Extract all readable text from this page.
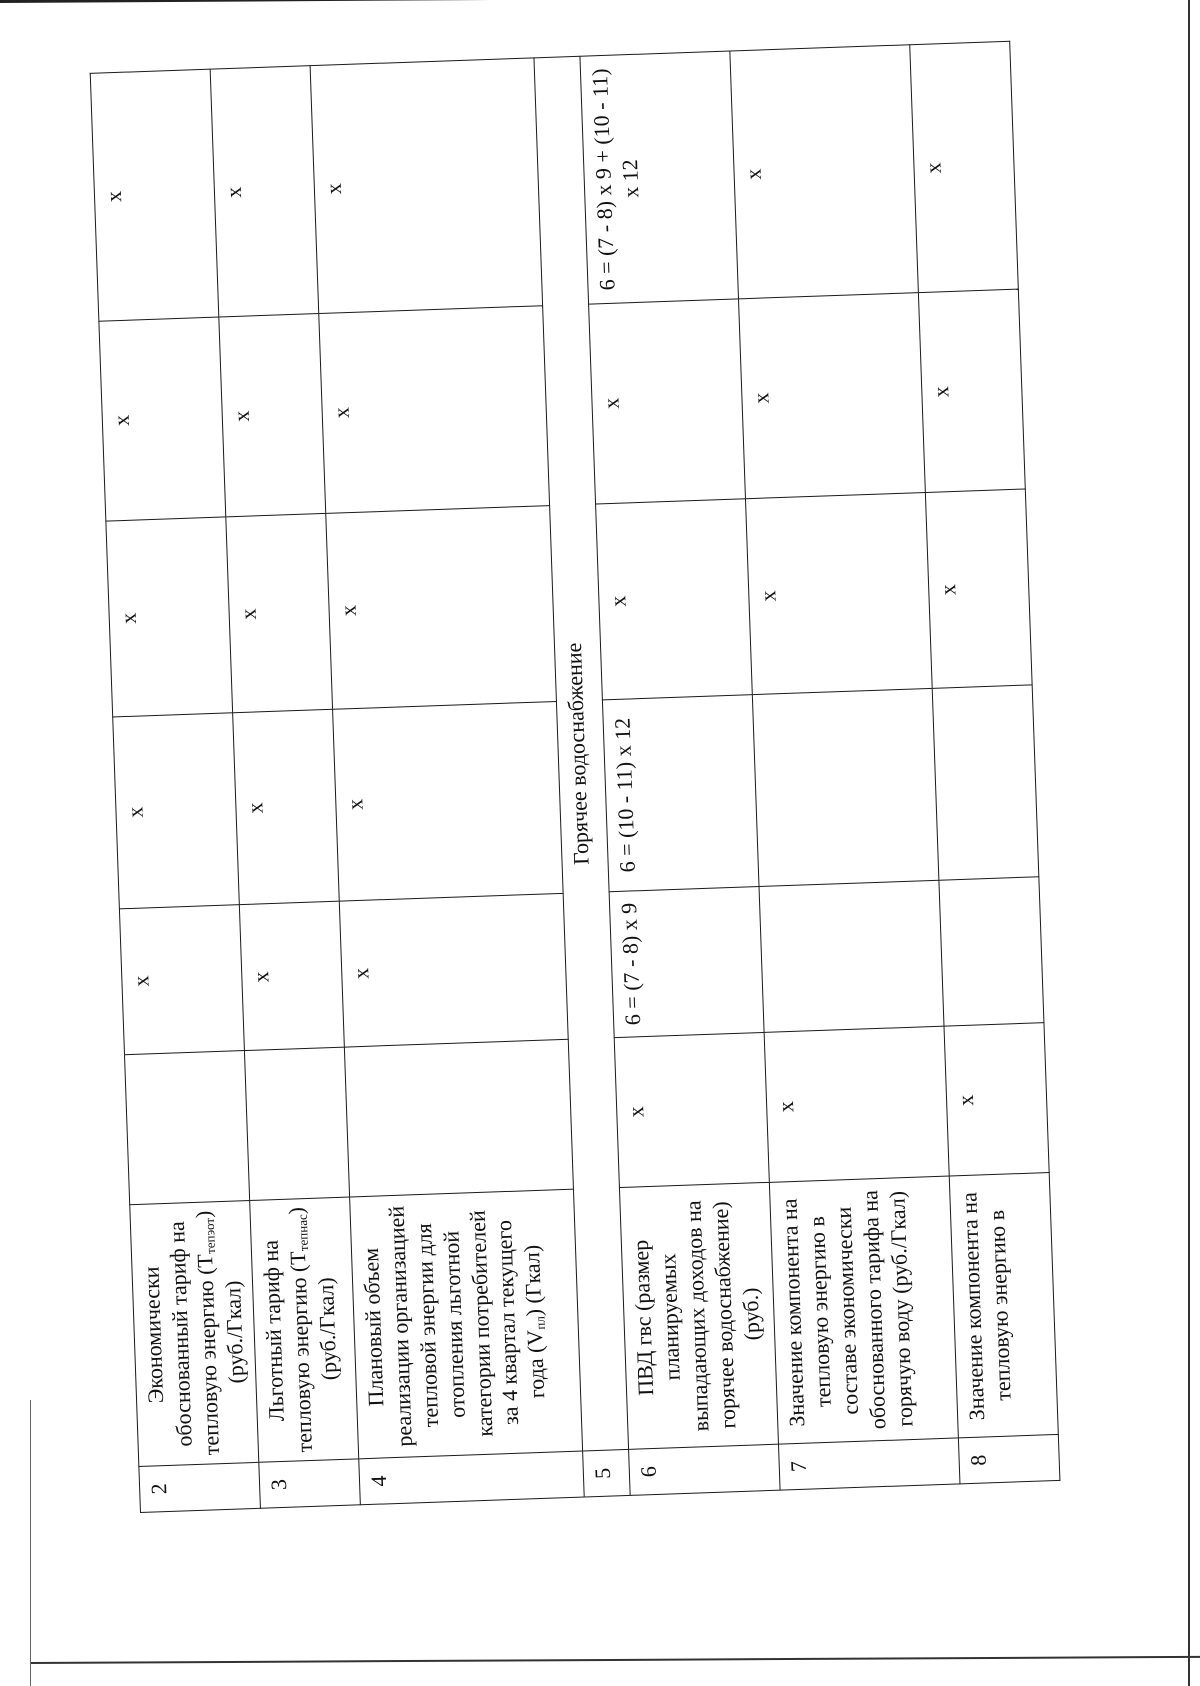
2	Экономически обоснованный тариф на тепловую энергию $(Т_{тепэот})$ (руб./Гкал)		х	х	х	х	х
3	Льготный тариф на тепловую энергию $(Т_{тепнас})$ (руб./Гкал)		х	х	х	х	х
4	Плановый объем реализации организацией тепловой энергии для отопления льготной категории потребителей за 4 квартал текущего года $(V_{пл})$ (Гкал)		х	х	х	х	х
5	Горячее водоснабжение						
6	ПВД гвс (размер планируемых выпадающих доходов на горячее водоснабжение) (руб.)	х	6 = (7 - 8) х 9	6 = (10 - 11) х 12	х	х	6 = (7 - 8) х 9 + (10 - 11) х 12
7	Значение компонента на тепловую энергию в составе экономически обоснованного тарифа на горячую воду (руб./Гкал)	х			х	х	х
8	Значение компонента на тепловую энергию в	х			х	х	х
